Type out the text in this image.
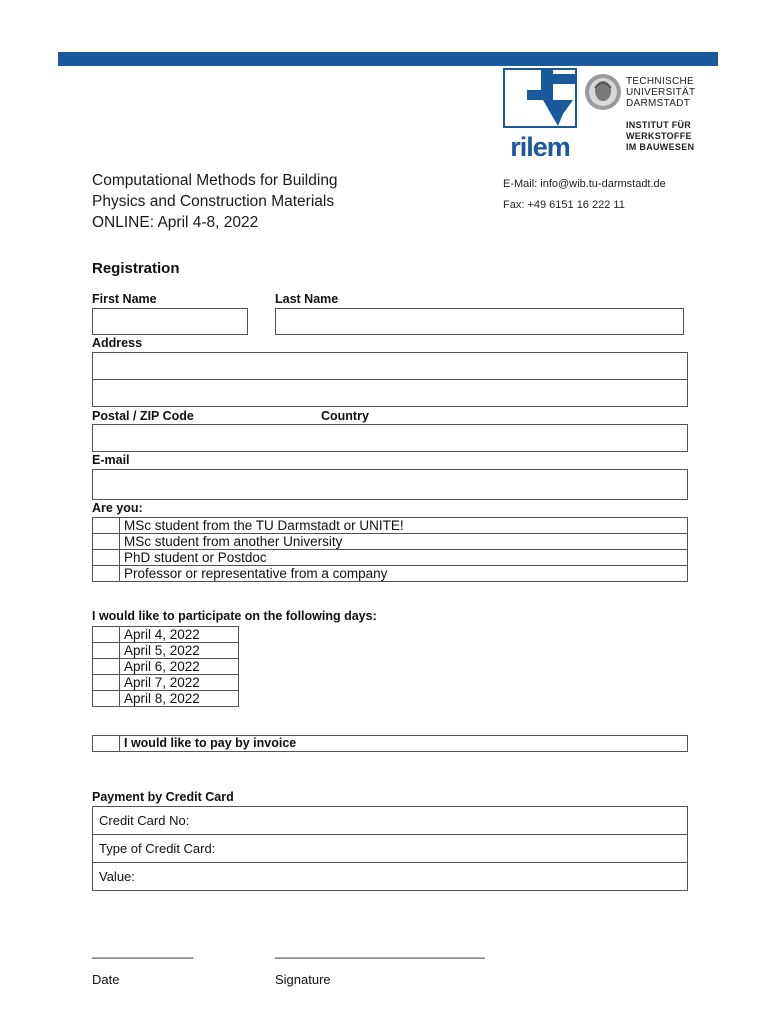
rilem
TECHNISCHE
UNIVERSITÄT
DARMSTADT
INSTITUT FÜR
WERKSTOFFE
IM BAUWESEN
Computational Methods for Building
Physics and Construction Materials
ONLINE: April 4-8, 2022
E-Mail: info@wib.tu-darmstadt.de
Fax: +49 6151 16 222 11
Registration
First Name	Last Name
Address
Postal / ZIP Code	Country
E-mail
Are you:
	MSc student from the TU Darmstadt or UNITE!
	MSc student from another University
	PhD student or Postdoc
	Professor or representative from a company
I would like to participate on the following days:
	April 4, 2022
	April 5, 2022
	April 6, 2022
	April 7, 2022
	April 8, 2022
	I would like to pay by invoice
Payment by Credit Card
Credit Card No:
Type of Credit Card:
Value:
______________	_____________________________
Date	Signature
